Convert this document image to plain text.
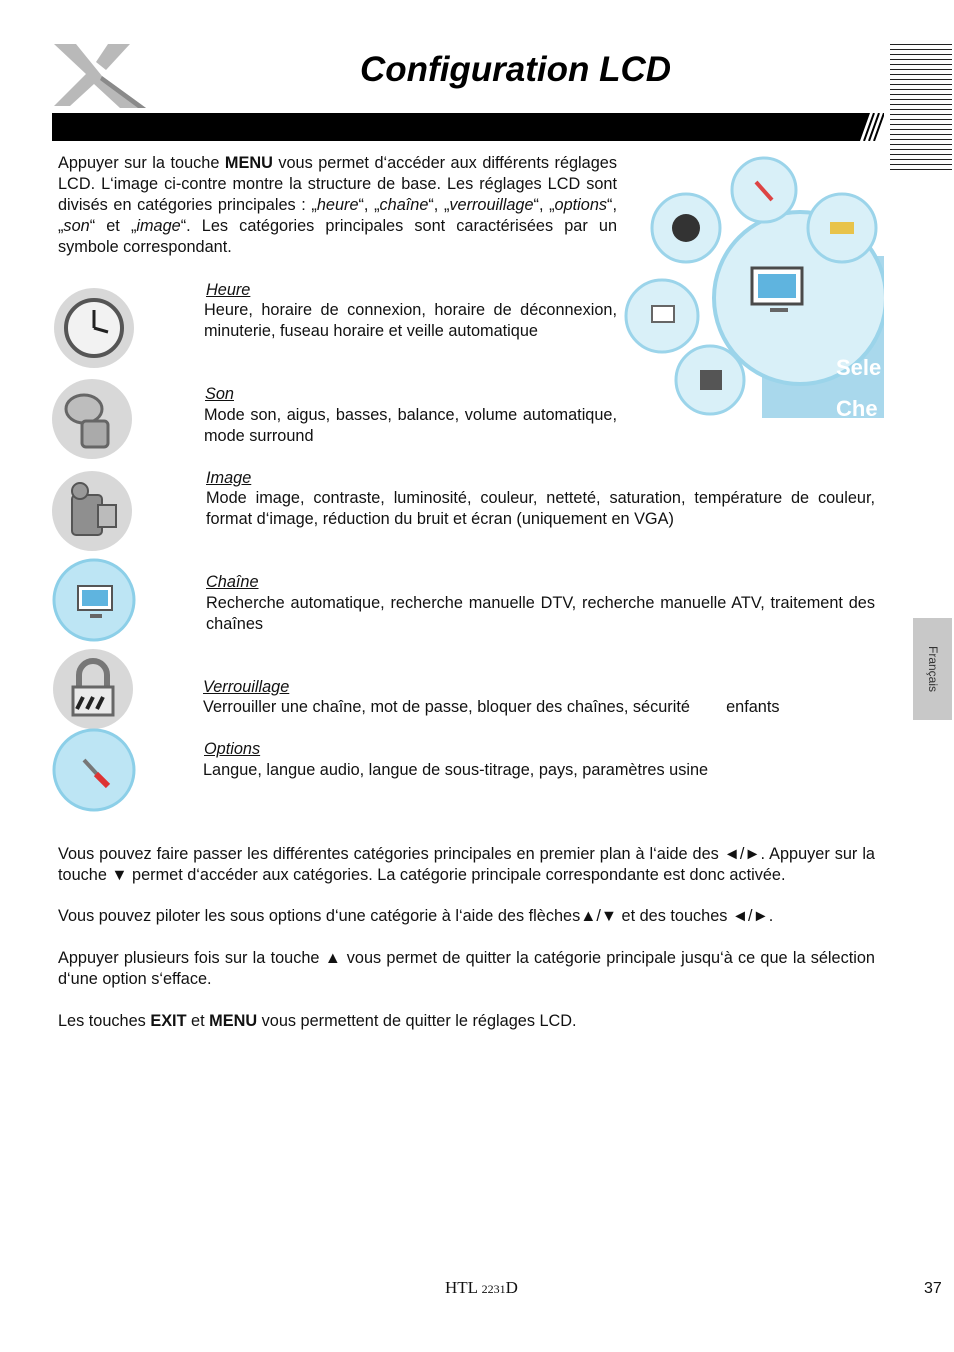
Configuration LCD
Français
Appuyer sur la touche MENU vous permet d‘accéder aux différents réglages LCD. L‘image ci-contre montre la structure de base. Les réglages LCD sont divisés en catégories principales : „heure“, „chaîne“, „verrouillage“, „options“, „son“ et „image“. Les catégories principales sont caractérisées par un symbole correspondant.
Sele
Che
Heure
Heure, horaire de connexion, horaire de déconnexion, minuterie, fuseau horaire et veille automatique
Son
Mode son, aigus, basses, balance, volume automatique, mode surround
Image
Mode image, contraste, luminosité, couleur, netteté, saturation, température de couleur, format d‘image, réduction du bruit et écran (uniquement en VGA)
Chaîne
Recherche automatique, recherche manuelle DTV, recherche manuelle ATV, traitement des chaînes
Verrouillage
Verrouiller une chaîne, mot de passe, bloquer des chaînes, sécurité        enfants
Options
Langue, langue audio, langue de sous-titrage, pays, paramètres usine
Vous pouvez faire passer les différentes catégories principales en premier plan à l‘aide des ◄/►. Appuyer sur la touche ▼ permet d‘accéder aux catégories. La catégorie principale correspondante est donc activée.
Vous pouvez piloter les sous options d‘une catégorie à l‘aide des flèches▲/▼ et des touches ◄/►.
Appuyer plusieurs fois sur la touche ▲ vous permet de quitter la catégorie principale jusqu‘à ce que la sélection d‘une option s‘efface.
Les touches EXIT et MENU vous permettent de quitter le réglages LCD.
HTL 2231D	37
